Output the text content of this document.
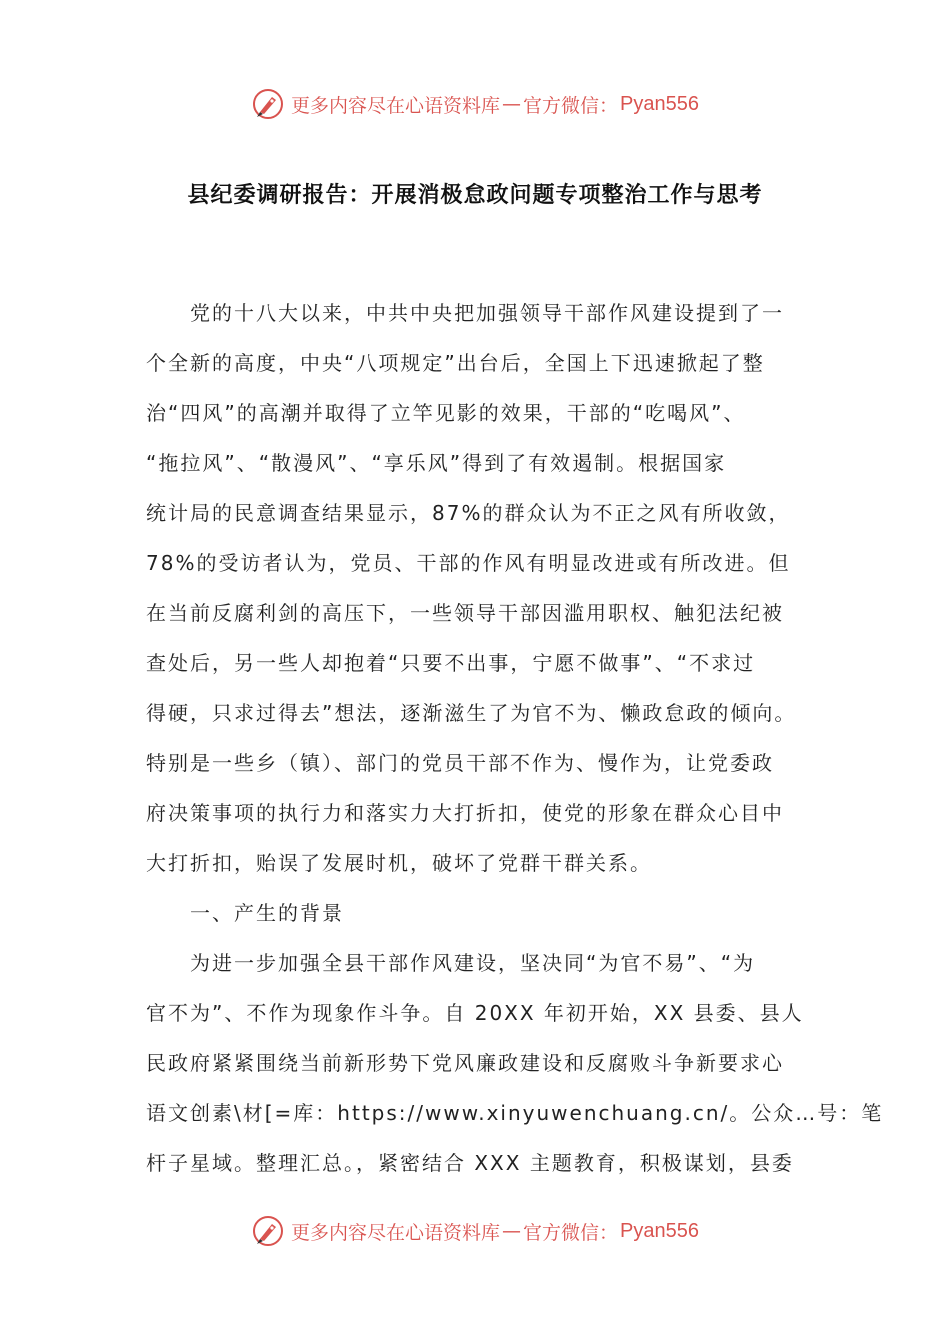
更多内容尽在心语资料库 — 官方微信： Pyan556
县纪委调研报告：开展消极怠政问题专项整治工作与思考
党的十八大以来，中共中央把加强领导干部作风建设提到了一
个全新的高度，中央“八项规定”出台后，全国上下迅速掀起了整
治“四风”的高潮并取得了立竿见影的效果，干部的“吃喝风”、
“拖拉风”、“散漫风”、“享乐风”得到了有效遏制。根据国家
统计局的民意调查结果显示，87%的群众认为不正之风有所收敛，
78%的受访者认为，党员、干部的作风有明显改进或有所改进。但
在当前反腐利剑的高压下，一些领导干部因滥用职权、触犯法纪被
查处后，另一些人却抱着“只要不出事，宁愿不做事”、“不求过
得硬，只求过得去”想法，逐渐滋生了为官不为、懒政怠政的倾向。
特别是一些乡（镇）、部门的党员干部不作为、慢作为，让党委政
府决策事项的执行力和落实力大打折扣，使党的形象在群众心目中
大打折扣，贻误了发展时机，破坏了党群干群关系。
一、产生的背景
为进一步加强全县干部作风建设，坚决同“为官不易”、“为
官不为”、不作为现象作斗争。自 20XX 年初开始，XX 县委、县人
民政府紧紧围绕当前新形势下党风廉政建设和反腐败斗争新要求心
语文创素\材[=库：https://www.xinyuwenchuang.cn/。公众…号：笔
杆子星域。整理汇总。，紧密结合 XXX 主题教育，积极谋划，县委
更多内容尽在心语资料库 — 官方微信： Pyan556
